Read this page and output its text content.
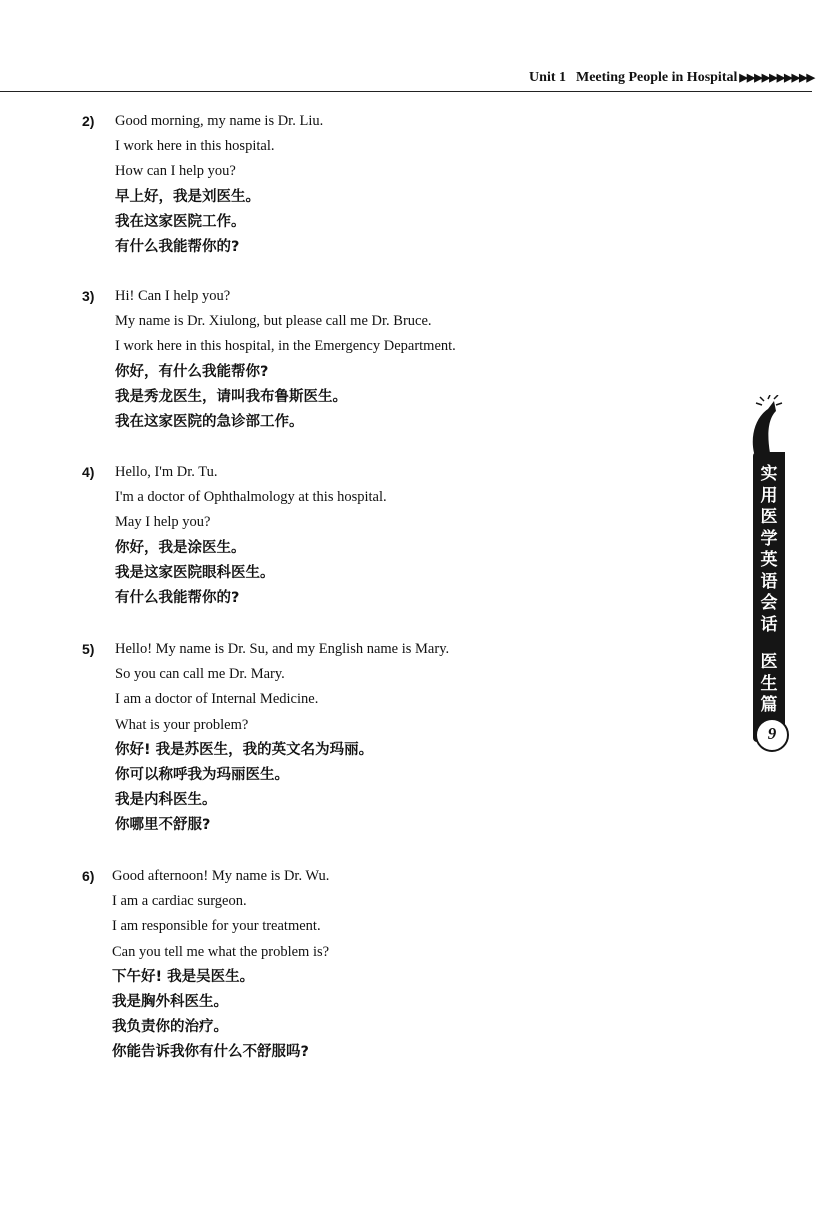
Unit 1 Meeting People in Hospital ▶▶▶▶▶▶▶▶▶▶
2) Good morning, my name is Dr. Liu.
I work here in this hospital.
How can I help you?
早上好，我是刘医生。
我在这家医院工作。
有什么我能帮你的?
3) Hi! Can I help you?
My name is Dr. Xiulong, but please call me Dr. Bruce.
I work here in this hospital, in the Emergency Department.
你好，有什么我能帮你?
我是秀龙医生，请叫我布鲁斯医生。
我在这家医院的急诊部工作。
4) Hello, I'm Dr. Tu.
I'm a doctor of Ophthalmology at this hospital.
May I help you?
你好，我是涂医生。
我是这家医院眼科医生。
有什么我能帮你的?
5) Hello! My name is Dr. Su, and my English name is Mary.
So you can call me Dr. Mary.
I am a doctor of Internal Medicine.
What is your problem?
你好! 我是苏医生，我的英文名为玛丽。
你可以称呼我为玛丽医生。
我是内科医生。
你哪里不舒服?
6) Good afternoon! My name is Dr. Wu.
I am a cardiac surgeon.
I am responsible for your treatment.
Can you tell me what the problem is?
下午好! 我是吴医生。
我是胸外科医生。
我负责你的治疗。
你能告诉我你有什么不舒服吗?
实
用
医
学
英
语
会
话
医
生
篇
9
